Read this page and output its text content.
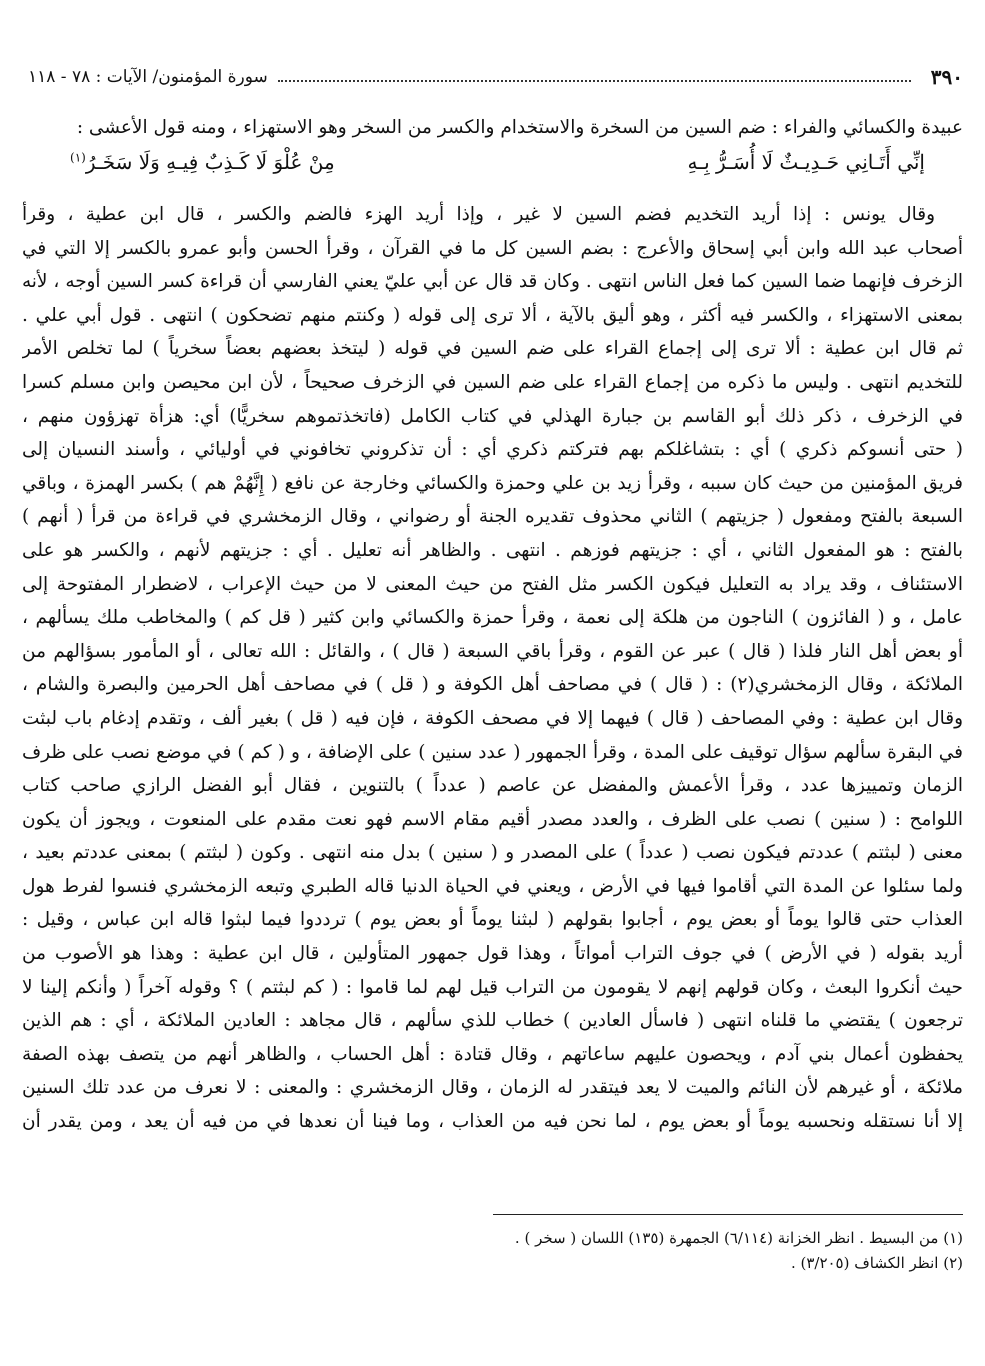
٣٩٠
سورة المؤمنون/ الآيات : ٧٨ - ١١٨
عبيدة والكسائي والفراء : ضم السين من السخرة والاستخدام والكسر من السخر وهو الاستهزاء ، ومنه قول الأعشى :
إنِّي أَتَـانِي حَـدِيـثٌ لَا أُسَـرُّ بِـهِ
مِنْ عُلْوَ لَا كَـذِبٌ فِيـهِ وَلَا سَخَـرُ$^{(١)}$
وقال يونس : إذا أريد التخديم فضم السين لا غير ، وإذا أريد الهزء فالضم والكسر ، قال ابن عطية ، وقرأ
أصحاب عبد الله وابن أبي إسحاق والأعرج : بضم السين كل ما في القرآن ، وقرأ الحسن وأبو عمرو بالكسر إلا التي في
الزخرف فإنهما ضما السين كما فعل الناس انتهى . وكان قد قال عن أبي عليّ يعني الفارسي أن قراءة كسر السين أوجه ، لأنه
بمعنى الاستهزاء ، والكسر فيه أكثر ، وهو أليق بالآية ، ألا ترى إلى قوله ( وكنتم منهم تضحكون ) انتهى . قول أبي علي .
ثم قال ابن عطية : ألا ترى إلى إجماع القراء على ضم السين في قوله ( ليتخذ بعضهم بعضاً سخرياً ) لما تخلص الأمر
للتخديم انتهى . وليس ما ذكره من إجماع القراء على ضم السين في الزخرف صحيحاً ، لأن ابن محيصن وابن مسلم كسرا
في الزخرف ، ذكر ذلك أبو القاسم بن جبارة الهذلي في كتاب الكامل (فاتخذتموهم سخريًّا) أي: هزأة تهزؤون منهم ،
( حتى أنسوكم ذكري ) أي : بتشاغلكم بهم فتركتم ذكري أي : أن تذكروني تخافوني في أوليائي ، وأسند النسيان إلى
فريق المؤمنين من حيث كان سببه ، وقرأ زيد بن علي وحمزة والكسائي وخارجة عن نافع ( إِنَّهُمْ هم ) بكسر الهمزة ، وباقي
السبعة بالفتح ومفعول ( جزيتهم ) الثاني محذوف تقديره الجنة أو رضواني ، وقال الزمخشري في قراءة من قرأ ( أنهم )
بالفتح : هو المفعول الثاني ، أي : جزيتهم فوزهم . انتهى . والظاهر أنه تعليل . أي : جزيتهم لأنهم ، والكسر هو على
الاستئناف ، وقد يراد به التعليل فيكون الكسر مثل الفتح من حيث المعنى لا من حيث الإعراب ، لاضطرار المفتوحة إلى
عامل ، و ( الفائزون ) الناجون من هلكة إلى نعمة ، وقرأ حمزة والكسائي وابن كثير ( قل كم ) والمخاطب ملك يسألهم ،
أو بعض أهل النار فلذا ( قال ) عبر عن القوم ، وقرأ باقي السبعة ( قال ) ، والقائل : الله تعالى ، أو المأمور بسؤالهم من
الملائكة ، وقال الزمخشري(٢) : ( قال ) في مصاحف أهل الكوفة و ( قل ) في مصاحف أهل الحرمين والبصرة والشام ،
وقال ابن عطية : وفي المصاحف ( قال ) فيهما إلا في مصحف الكوفة ، فإن فيه ( قل ) بغير ألف ، وتقدم إدغام باب لبثت
في البقرة سألهم سؤال توقيف على المدة ، وقرأ الجمهور ( عدد سنين ) على الإضافة ، و ( كم ) في موضع نصب على ظرف
الزمان وتمييزها عدد ، وقرأ الأعمش والمفضل عن عاصم ( عدداً ) بالتنوين ، فقال أبو الفضل الرازي صاحب كتاب
اللوامح : ( سنين ) نصب على الظرف ، والعدد مصدر أقيم مقام الاسم فهو نعت مقدم على المنعوت ، ويجوز أن يكون
معنى ( لبثتم ) عددتم فيكون نصب ( عدداً ) على المصدر و ( سنين ) بدل منه انتهى . وكون ( لبثتم ) بمعنى عددتم بعيد ،
ولما سئلوا عن المدة التي أقاموا فيها في الأرض ، ويعني في الحياة الدنيا قاله الطبري وتبعه الزمخشري فنسوا لفرط هول
العذاب حتى قالوا يوماً أو بعض يوم ، أجابوا بقولهم ( لبثنا يوماً أو بعض يوم ) ترددوا فيما لبثوا قاله ابن عباس ، وقيل :
أريد بقوله ( في الأرض ) في جوف التراب أمواتاً ، وهذا قول جمهور المتأولين ، قال ابن عطية : وهذا هو الأصوب من
حيث أنكروا البعث ، وكان قولهم إنهم لا يقومون من التراب قيل لهم لما قاموا : ( كم لبثتم ) ؟ وقوله آخراً ( وأنكم إلينا لا
ترجعون ) يقتضي ما قلناه انتهى ( فاسأل العادين ) خطاب للذي سألهم ، قال مجاهد : العادين الملائكة ، أي : هم الذين
يحفظون أعمال بني آدم ، ويحصون عليهم ساعاتهم ، وقال قتادة : أهل الحساب ، والظاهر أنهم من يتصف بهذه الصفة
ملائكة ، أو غيرهم لأن النائم والميت لا يعد فيتقدر له الزمان ، وقال الزمخشري : والمعنى : لا نعرف من عدد تلك السنين
إلا أنا نستقله ونحسبه يوماً أو بعض يوم ، لما نحن فيه من العذاب ، وما فينا أن نعدها في من فيه أن يعد ، ومن يقدر أن
(١) من البسيط . انظر الخزانة (٦/١١٤) الجمهرة (١٣٥) اللسان ( سخر ) .
(٢) انظر الكشاف (٣/٢٠٥) .
